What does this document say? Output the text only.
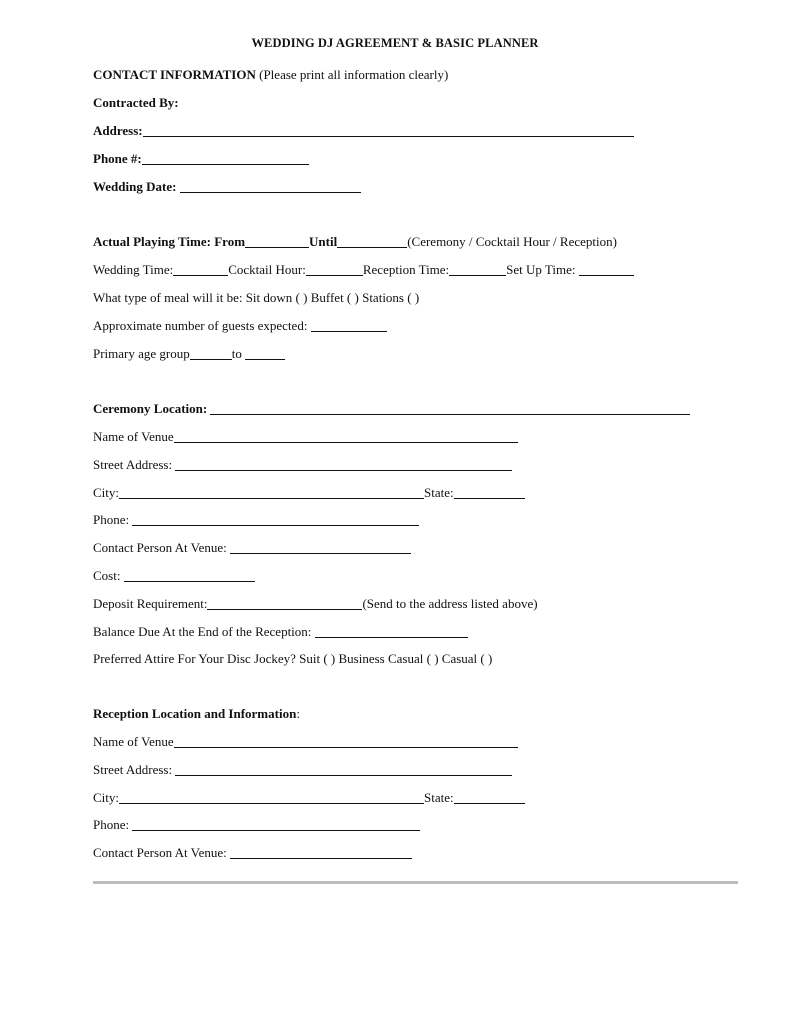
WEDDING DJ AGREEMENT & BASIC PLANNER
CONTACT INFORMATION (Please print all information clearly)
Contracted By:
Address:
Phone #:
Wedding Date:
Actual Playing Time: From	Until	(Ceremony / Cocktail Hour / Reception)
Wedding Time:	Cocktail Hour:	Reception Time:	Set Up Time:
What type of meal will it be: Sit down ( ) Buffet ( ) Stations ( )
Approximate number of guests expected:
Primary age group	to
Ceremony Location:
Name of Venue
Street Address:
City:	State:
Phone:
Contact Person At Venue:
Cost:
Deposit Requirement:	(Send to the address listed above)
Balance Due At the End of the Reception:
Preferred Attire For Your Disc Jockey? Suit ( ) Business Casual ( ) Casual ( )
Reception Location and Information:
Name of Venue
Street Address:
City:	State:
Phone:
Contact Person At Venue:
